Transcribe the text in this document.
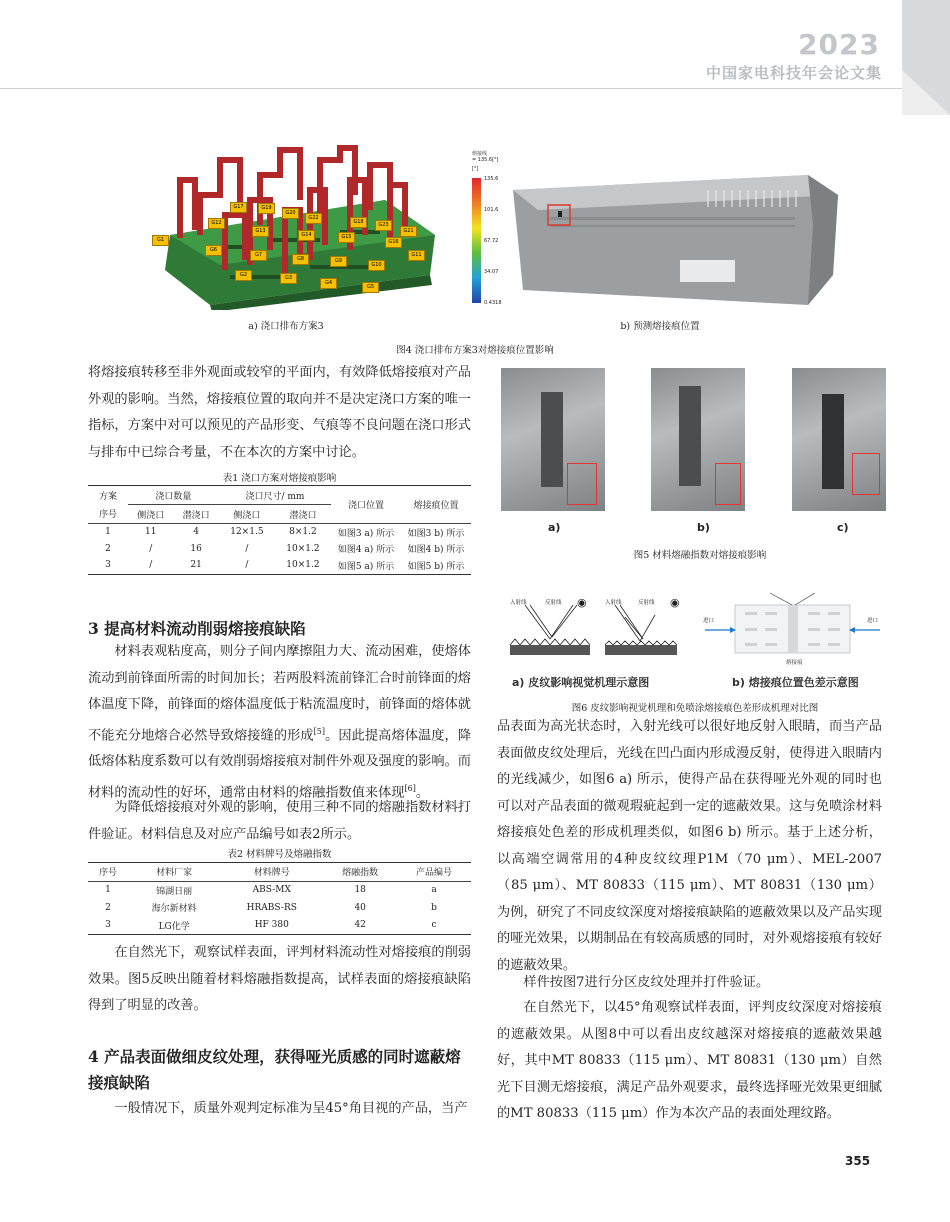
2023
中国家电科技年会论文集
G17	G19
G22
G23
G18
G20
G21
G12
G13
G14	G15
G16
G6
G7
G8	G9
G10
G11
G2	G3
G4
G5
G1
熔接线
= 135.6[°]
[°]
135.6
101.6
67.72
34.07
0.4318
a) 浇口排布方案3	b) 预测熔接痕位置
图4 浇口排布方案3对熔接痕位置影响

将熔接痕转移至非外观面或较窄的平面内，有效降低熔接痕对产品外观的影响。当然，熔接痕位置的取向并不是决定浇口方案的唯一指标，方案中对可以预见的产品形变、气痕等不良问题在浇口形式与排布中已综合考量，不在本次的方案中讨论。

表1 浇口方案对熔接痕影响
方案	浇口数量		浇口尺寸/ mm		浇口位置	熔接痕位置
序号	侧浇口	潜浇口	侧浇口	潜浇口		
1	11	4	12×1.5	8×1.2	如图3 a) 所示	如图3 b) 所示
2	/	16	/	10×1.2	如图4 a) 所示	如图4 b) 所示
3	/	21	/	10×1.2	如图5 a) 所示	如图5 b) 所示
3 提高材料流动削弱熔接痕缺陷

材料表观粘度高，则分子间内摩擦阻力大、流动困难，使熔体流动到前锋面所需的时间加长；若两股料流前锋汇合时前锋面的熔体温度下降，前锋面的熔体温度低于粘流温度时，前锋面的熔体就不能充分地熔合必然导致熔接缝的形成[5]。因此提高熔体温度，降低熔体粘度系数可以有效削弱熔接痕对制件外观及强度的影响。而材料的流动性的好坏，通常由材料的熔融指数值来体现[6]。

为降低熔接痕对外观的影响，使用三种不同的熔融指数材料打件验证。材料信息及对应产品编号如表2所示。

表2 材料牌号及熔融指数
序号	材料厂家	材料牌号	熔融指数	产品编号
1	锦湖日丽	ABS-MX	18	a
2	海尔新材料	HRABS-RS	40	b
3	LG化学	HF 380	42	c

在自然光下，观察试样表面，评判材料流动性对熔接痕的削弱效果。图5反映出随着材料熔融指数提高，试样表面的熔接痕缺陷得到了明显的改善。

4 产品表面做细皮纹处理，获得哑光质感的同时遮蔽熔接痕缺陷

一般情况下，质量外观判定标准为呈45°角目视的产品，当产

a)	b)	c)
图5 材料熔融指数对熔接痕影响
入射线	反射线 ◉	入射线	反射线 ◉
进口	进口
熔接痕
a) 皮纹影响视觉机理示意图	b) 熔接痕位置色差示意图
图6 皮纹影响视觉机理和免喷涂熔接痕色差形成机理对比图

品表面为高光状态时，入射光线可以很好地反射入眼睛，而当产品表面做皮纹处理后，光线在凹凸面内形成漫反射，使得进入眼睛内的光线减少，如图6 a) 所示，使得产品在获得哑光外观的同时也可以对产品表面的微观瑕疵起到一定的遮蔽效果。这与免喷涂材料熔接痕处色差的形成机理类似，如图6 b) 所示。基于上述分析，以高端空调常用的4种皮纹纹理P1M（70 μm）、MEL-2007（85 μm）、MT 80833（115 μm）、MT 80831（130 μm）为例，研究了不同皮纹深度对熔接痕缺陷的遮蔽效果以及产品实现的哑光效果，以期制品在有较高质感的同时，对外观熔接痕有较好的遮蔽效果。

样件按图7进行分区皮纹处理并打件验证。

在自然光下，以45°角观察试样表面，评判皮纹深度对熔接痕的遮蔽效果。从图8中可以看出皮纹越深对熔接痕的遮蔽效果越好，其中MT 80833（115 μm）、MT 80831（130 μm）自然光下目测无熔接痕，满足产品外观要求，最终选择哑光效果更细腻的MT 80833（115 μm）作为本次产品的表面处理纹路。

355
